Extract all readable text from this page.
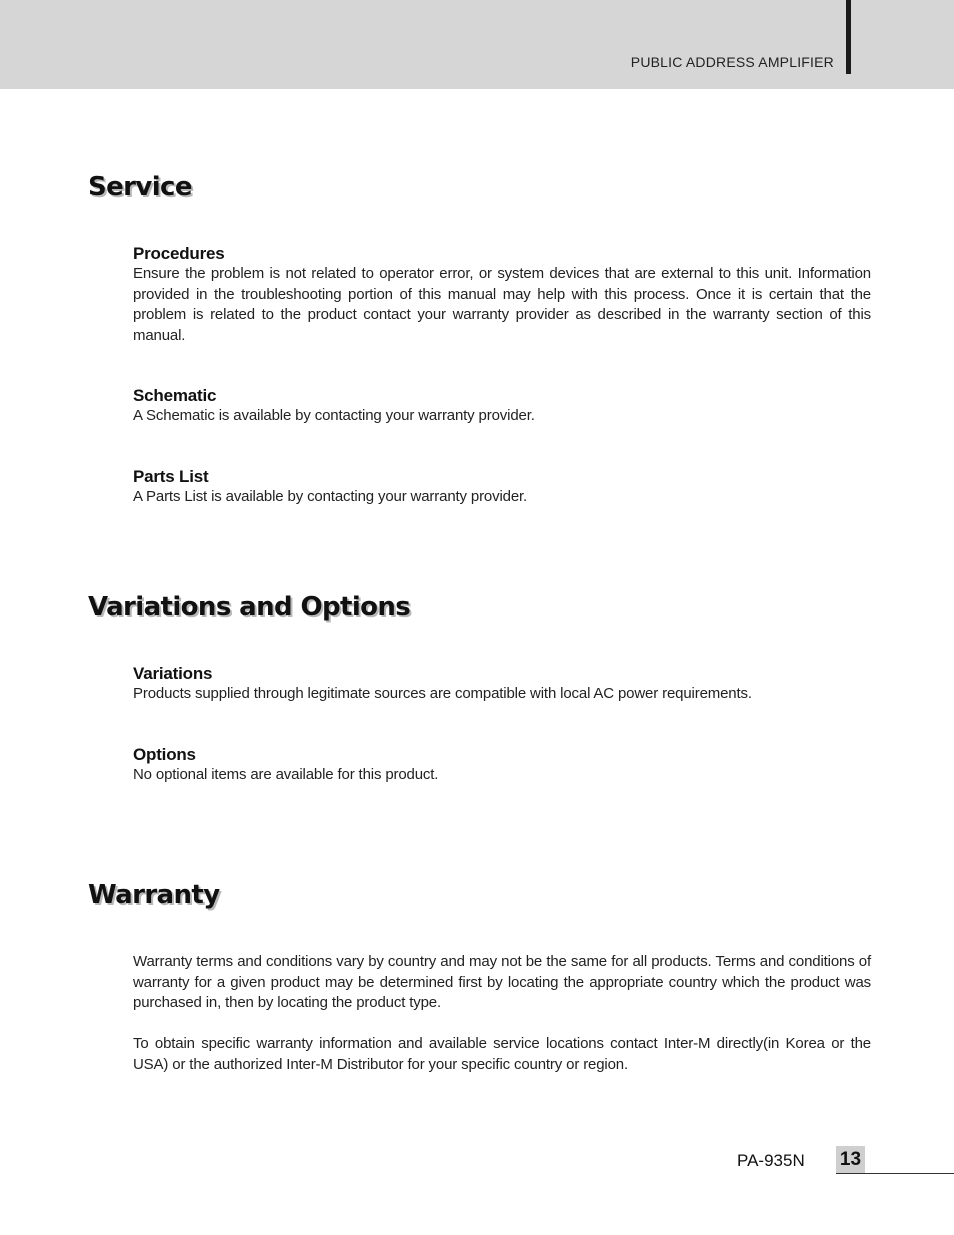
PUBLIC ADDRESS AMPLIFIER
Service
Procedures

Ensure the problem is not related to operator error, or system devices that are external to this unit. Information provided in the troubleshooting portion of this manual may help with this process. Once it is certain that the problem is related to the product contact your warranty provider as described in the warranty section of this manual.

Schematic

A Schematic is available by contacting your warranty provider.

Parts List

A Parts List is available by contacting your warranty provider.

Variations and Options
Variations

Products supplied through legitimate sources are compatible with local AC power requirements.

Options

No optional items are available for this product.

Warranty

Warranty terms and conditions vary by country and may not be the same for all products. Terms and conditions of warranty for a given product may be determined first by locating the appropriate country which the product was purchased in, then by locating the product type.

To obtain specific warranty information and available service locations contact Inter-M directly(in Korea or the USA) or the authorized Inter-M Distributor for your specific country or region.

PA-935N 13
